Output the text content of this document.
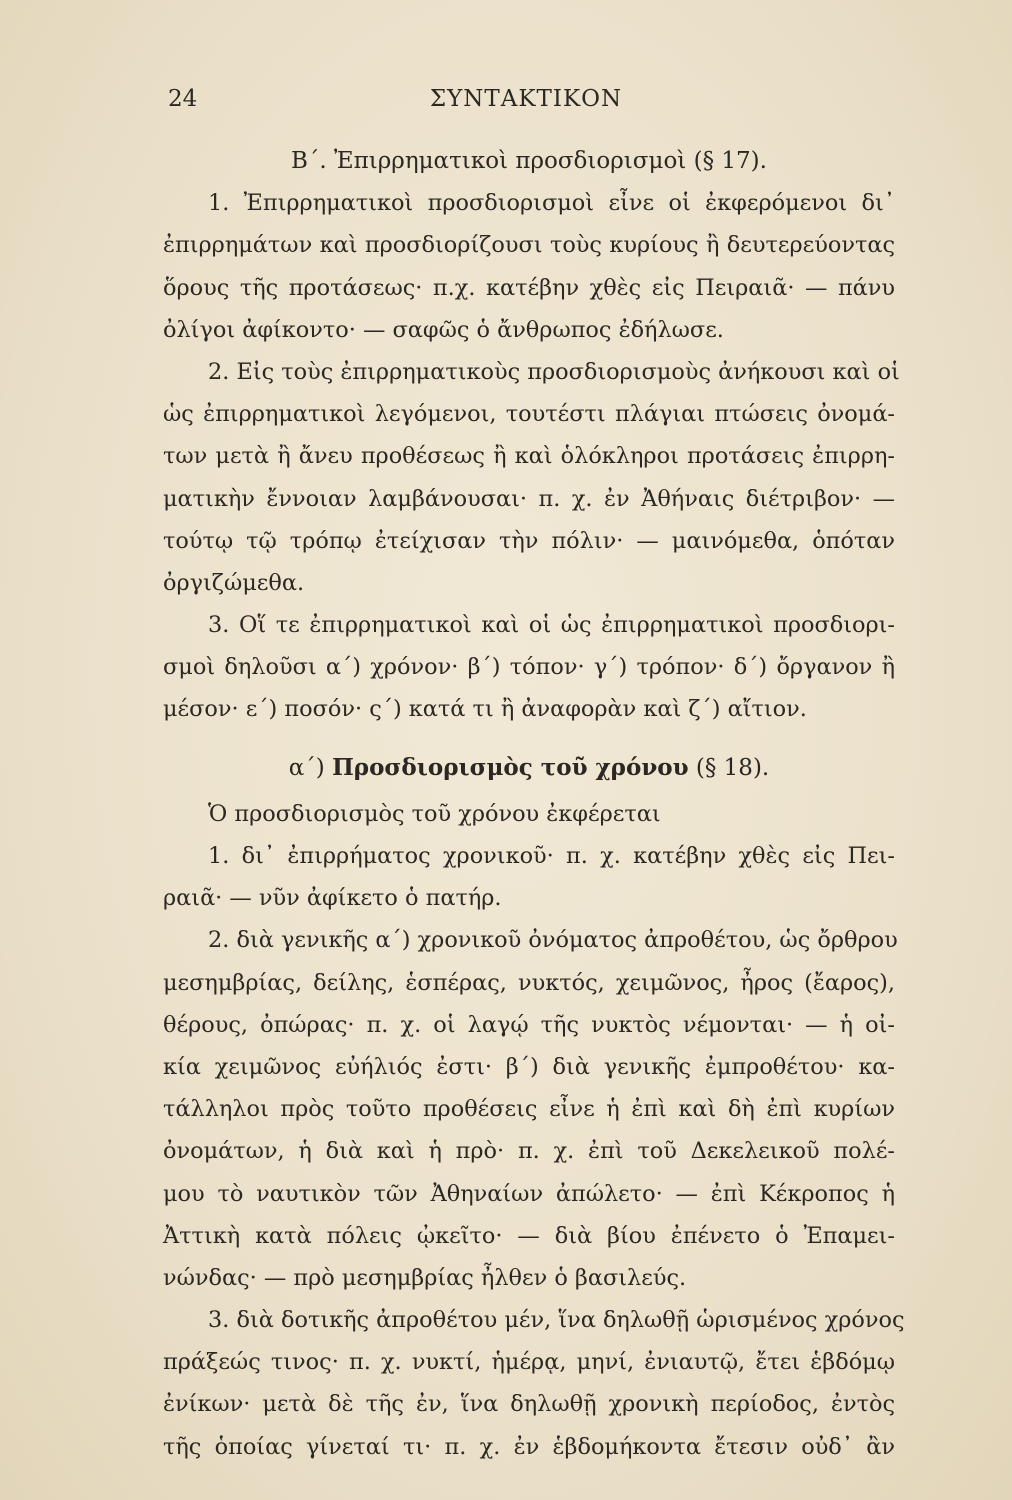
24	ΣΥΝΤΑΚΤΙΚΟΝ
Β΄. Ἐπιρρηματικοὶ προσδιορισμοὶ (§ 17).
1. Ἐπιρρηματικοὶ προσδιορισμοὶ εἶνε οἱ ἐκφερόμενοι δι᾽
ἐπιρρημάτων καὶ προσδιορίζουσι τοὺς κυρίους ἢ δευτερεύοντας
ὅρους τῆς προτάσεως· π.χ. κατέβην χθὲς εἰς Πειραιᾶ· — πάνυ
ὀλίγοι ἀφίκοντο· — σαφῶς ὁ ἄνθρωπος ἐδήλωσε.
2. Εἰς τοὺς ἐπιρρηματικοὺς προσδιορισμοὺς ἀνήκουσι καὶ οἱ
ὡς ἐπιρρηματικοὶ λεγόμενοι, τουτέστι πλάγιαι πτώσεις ὀνομά-
των μετὰ ἢ ἄνευ προθέσεως ἢ καὶ ὁλόκληροι προτάσεις ἐπιρρη-
ματικὴν ἔννοιαν λαμβάνουσαι· π. χ. ἐν Ἀθήναις διέτριβον· —
τούτῳ τῷ τρόπῳ ἐτείχισαν τὴν πόλιν· — μαινόμεθα, ὁπόταν
ὀργιζώμεθα.
3. Οἵ τε ἐπιρρηματικοὶ καὶ οἱ ὡς ἐπιρρηματικοὶ προσδιορι-
σμοὶ δηλοῦσι α΄) χρόνον· β΄) τόπον· γ΄) τρόπον· δ΄) ὄργανον ἢ
μέσον· ε΄) ποσόν· ς΄) κατά τι ἢ ἀναφορὰν καὶ ζ΄) αἴτιον.
α΄) Προσδιορισμὸς τοῦ χρόνου (§ 18).
Ὁ προσδιορισμὸς τοῦ χρόνου ἐκφέρεται
1. δι᾽ ἐπιρρήματος χρονικοῦ· π. χ. κατέβην χθὲς εἰς Πει-
ραιᾶ· — νῦν ἀφίκετο ὁ πατήρ.
2. διὰ γενικῆς α΄) χρονικοῦ ὀνόματος ἀπροθέτου, ὡς ὄρθρου
μεσημβρίας, δείλης, ἑσπέρας, νυκτός, χειμῶνος, ἦρος (ἔαρος),
θέρους, ὀπώρας· π. χ. οἱ λαγῴ τῆς νυκτὸς νέμονται· — ἡ οἰ-
κία χειμῶνος εὐήλιός ἐστι· β΄) διὰ γενικῆς ἐμπροθέτου· κα-
τάλληλοι πρὸς τοῦτο προθέσεις εἶνε ἡ ἐπὶ καὶ δὴ ἐπὶ κυρίων
ὀνομάτων, ἡ διὰ καὶ ἡ πρὸ· π. χ. ἐπὶ τοῦ Δεκελεικοῦ πολέ-
μου τὸ ναυτικὸν τῶν Ἀθηναίων ἀπώλετο· — ἐπὶ Κέκροπος ἡ
Ἀττικὴ κατὰ πόλεις ᾠκεῖτο· — διὰ βίου ἐπένετο ὁ Ἐπαμει-
νώνδας· — πρὸ μεσημβρίας ἦλθεν ὁ βασιλεύς.
3. διὰ δοτικῆς ἀπροθέτου μέν, ἵνα δηλωθῇ ὡρισμένος χρόνος
πράξεώς τινος· π. χ. νυκτί, ἡμέρᾳ, μηνί, ἐνιαυτῷ, ἔτει ἑβδόμῳ
ἐνίκων· μετὰ δὲ τῆς ἐν, ἵνα δηλωθῇ χρονικὴ περίοδος, ἐντὸς
τῆς ὁποίας γίνεταί τι· π. χ. ἐν ἑβδομήκοντα ἔτεσιν οὐδ᾽ ἂν
